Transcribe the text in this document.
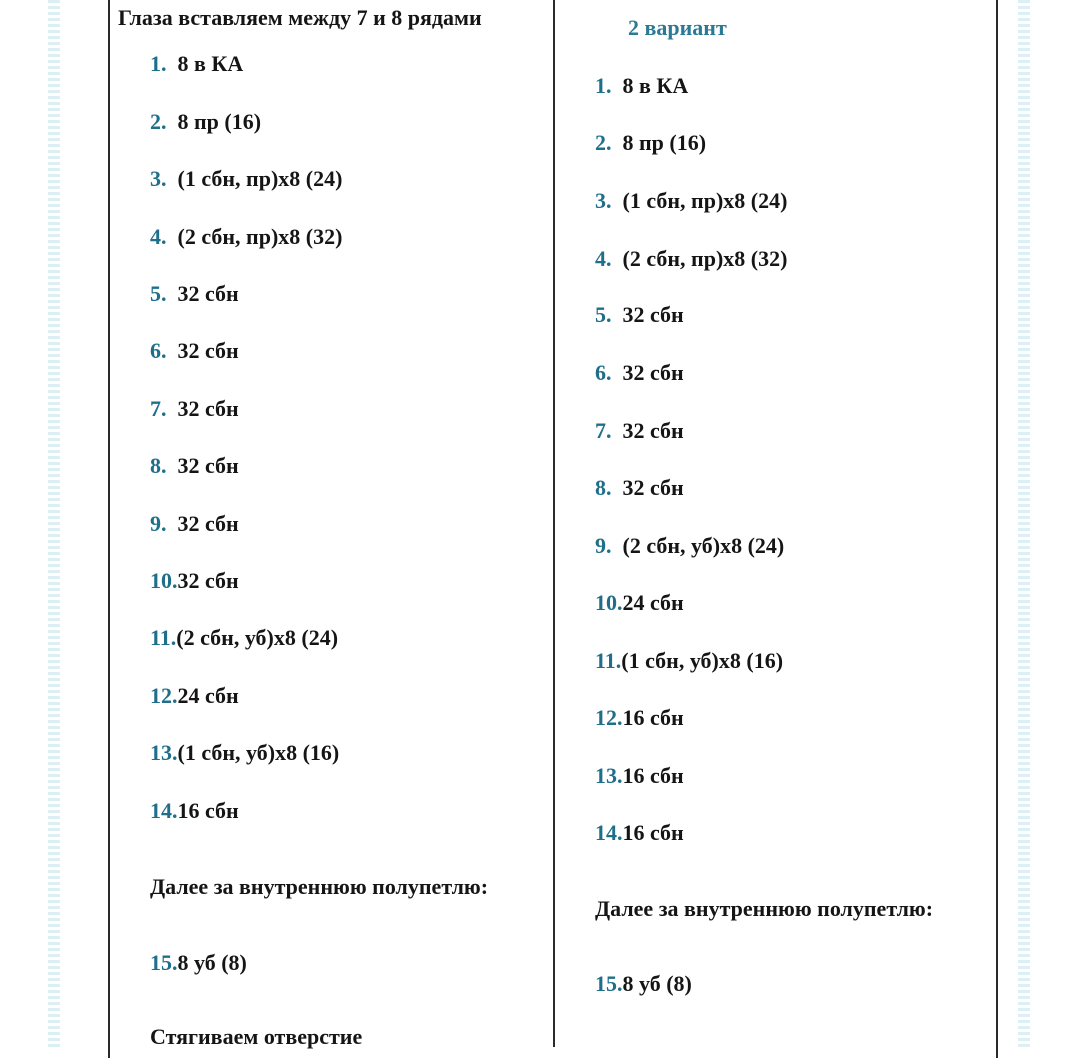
Глаза вставляем между 7 и 8 рядами
1. 8 в КА
2. 8 пр (16)
3. (1 сбн, пр)х8 (24)
4. (2 сбн, пр)х8 (32)
5. 32 сбн
6. 32 сбн
7. 32 сбн
8. 32 сбн
9. 32 сбн
10.32 сбн
11.(2 сбн, уб)х8 (24)
12.24 сбн
13.(1 сбн, уб)х8 (16)
14.16 сбн
Далее за внутреннюю полупетлю:
15.8 уб (8)
Стягиваем отверстие
2 вариант
1. 8 в КА
2. 8 пр (16)
3. (1 сбн, пр)х8 (24)
4. (2 сбн, пр)х8 (32)
5. 32 сбн
6. 32 сбн
7. 32 сбн
8. 32 сбн
9. (2 сбн, уб)х8 (24)
10.24 сбн
11.(1 сбн, уб)х8 (16)
12.16 сбн
13.16 сбн
14.16 сбн
Далее за внутреннюю полупетлю:
15.8 уб (8)
